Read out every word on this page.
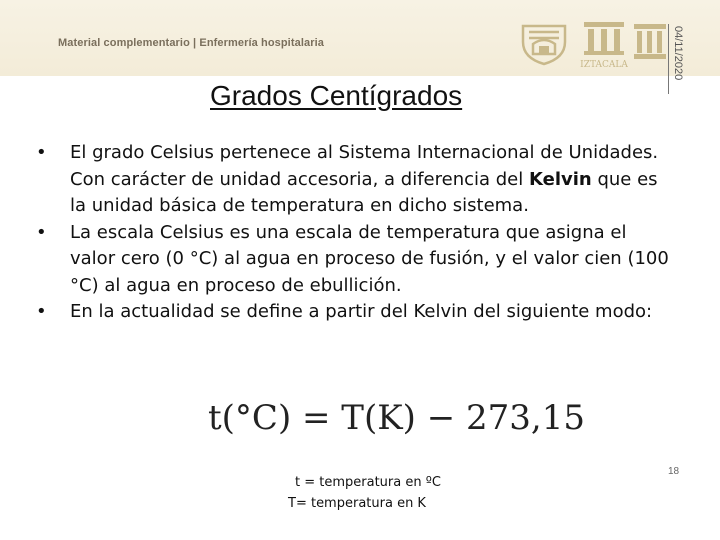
Material complementario | Enfermería hospitalaria
IZTACALA	04/11/2020
Grados Centígrados
• El grado Celsius pertenece al Sistema Internacional de Unidades. Con carácter de unidad accesoria, a diferencia del Kelvin que es la unidad básica de temperatura en dicho sistema.
• La escala Celsius es una escala de temperatura que asigna el valor cero (0 °C) al agua en proceso de fusión, y el valor cien (100 °C) al agua en proceso de ebullición.
• En la actualidad se define a partir del Kelvin del siguiente modo:
t(°C) = T(K) − 273,15
t = temperatura en ºC
T= temperatura en K
18
